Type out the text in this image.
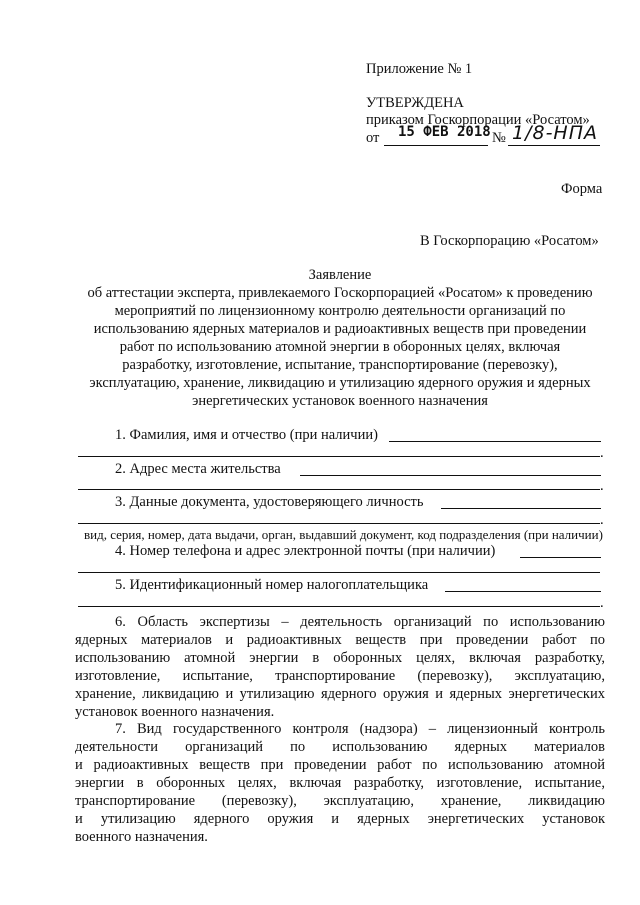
Приложение № 1
УТВЕРЖДЕНА
приказом Госкорпорации «Росатом»
от 15 ФЕВ 2018 № 1/8-НПА
Форма
В Госкорпорацию «Росатом»
Заявление
об аттестации эксперта, привлекаемого Госкорпорацией «Росатом» к проведению
мероприятий по лицензионному контролю деятельности организаций по
использованию ядерных материалов и радиоактивных веществ при проведении
работ по использованию атомной энергии в оборонных целях, включая
разработку, изготовление, испытание, транспортирование (перевозку),
эксплуатацию, хранение, ликвидацию и утилизацию ядерного оружия и ядерных
энергетических установок военного назначения
1. Фамилия, имя и отчество (при наличии)
.
2. Адрес места жительства
.
3. Данные документа, удостоверяющего личность
.
вид, серия, номер, дата выдачи, орган, выдавший документ, код подразделения (при наличии)
4. Номер телефона и адрес электронной почты (при наличии)
5. Идентификационный номер налогоплательщика
.
6. Область экспертизы – деятельность организаций по использованию
ядерных материалов и радиоактивных веществ при проведении работ по
использованию атомной энергии в оборонных целях, включая разработку,
изготовление, испытание, транспортирование (перевозку), эксплуатацию,
хранение, ликвидацию и утилизацию ядерного оружия и ядерных энергетических
установок военного назначения.
7. Вид государственного контроля (надзора) – лицензионный контроль
деятельности организаций по использованию ядерных материалов
и радиоактивных веществ при проведении работ по использованию атомной
энергии в оборонных целях, включая разработку, изготовление, испытание,
транспортирование (перевозку), эксплуатацию, хранение, ликвидацию
и утилизацию ядерного оружия и ядерных энергетических установок
военного назначения.
